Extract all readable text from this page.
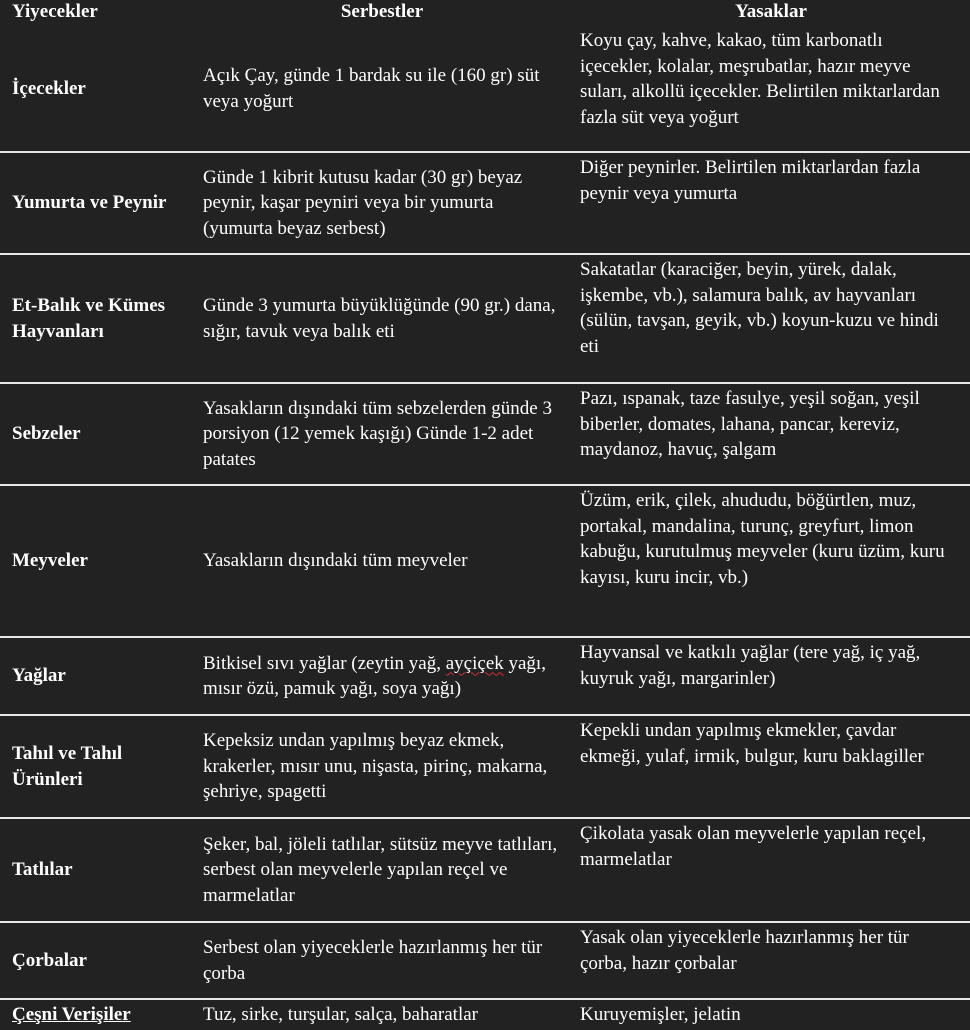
Yiyecekler	Serbestler	Yasaklar
İçecekler	Açık Çay, günde 1 bardak su ile (160 gr) süt veya yoğurt	Koyu çay, kahve, kakao, tüm karbonatlı içecekler, kolalar, meşrubatlar, hazır meyve suları, alkollü içecekler. Belirtilen miktarlardan fazla süt veya yoğurt
Yumurta ve Peynir	Günde 1 kibrit kutusu kadar (30 gr) beyaz peynir, kaşar peyniri veya bir yumurta (yumurta beyaz serbest)	Diğer peynirler. Belirtilen miktarlardan fazla peynir veya yumurta
Et-Balık ve Kümes Hayvanları	Günde 3 yumurta büyüklüğünde (90 gr.) dana, sığır, tavuk veya balık eti	Sakatatlar (karaciğer, beyin, yürek, dalak, işkembe, vb.), salamura balık, av hayvanları (sülün, tavşan, geyik, vb.) koyun-kuzu ve hindi eti
Sebzeler	Yasakların dışındaki tüm sebzelerden günde 3 porsiyon (12 yemek kaşığı) Günde 1-2 adet patates	Pazı, ıspanak, taze fasulye, yeşil soğan, yeşil biberler, domates, lahana, pancar, kereviz, maydanoz, havuç, şalgam
Meyveler	Yasakların dışındaki tüm meyveler	Üzüm, erik, çilek, ahududu, böğürtlen, muz, portakal, mandalina, turunç, greyfurt, limon kabuğu, kurutulmuş meyveler (kuru üzüm, kuru kayısı, kuru incir, vb.)
Yağlar	Bitkisel sıvı yağlar (zeytin yağ, ayçiçek yağı, mısır özü, pamuk yağı, soya yağı)	Hayvansal ve katkılı yağlar (tere yağ, iç yağ, kuyruk yağı, margarinler)
Tahıl ve Tahıl Ürünleri	Kepeksiz undan yapılmış beyaz ekmek, krakerler, mısır unu, nişasta, pirinç, makarna, şehriye, spagetti	Kepekli undan yapılmış ekmekler, çavdar ekmeği, yulaf, irmik, bulgur, kuru baklagiller
Tatlılar	Şeker, bal, jöleli tatlılar, sütsüz meyve tatlıları, serbest olan meyvelerle yapılan reçel ve marmelatlar	Çikolata yasak olan meyvelerle yapılan reçel, marmelatlar
Çorbalar	Serbest olan yiyeceklerle hazırlanmış her tür çorba	Yasak olan yiyeceklerle hazırlanmış her tür çorba, hazır çorbalar
Çeşni Verişiler	Tuz, sirke, turşular, salça, baharatlar	Kuruyemişler, jelatin
